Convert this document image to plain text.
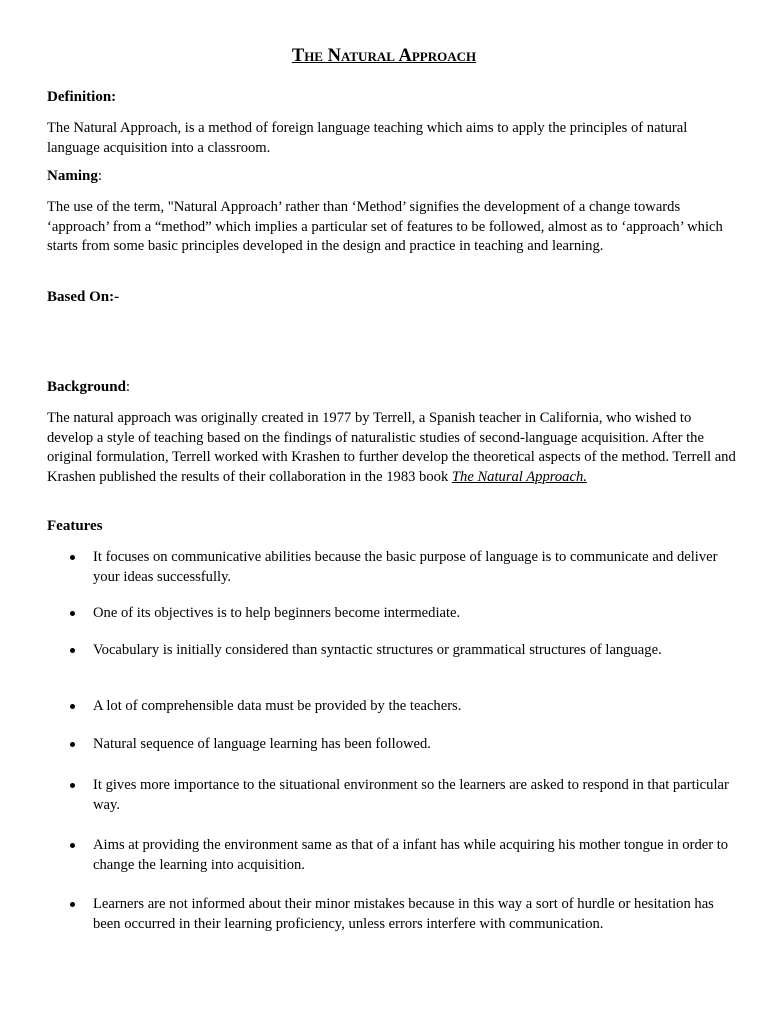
The Natural Approach
Definition:

The Natural Approach, is a method of foreign language teaching which aims to apply the principles of natural language acquisition into a classroom.

Naming:

The use of the term, "Natural Approach’ rather than ‘Method’ signifies the development of a change towards ‘approach’ from a “method” which implies a particular set of features to be followed, almost as to ‘approach’ which starts from some basic principles developed in the design and practice in teaching and learning.

Based On:-
Background:

The natural approach was originally created in 1977 by Terrell, a Spanish teacher in California, who wished to develop a style of teaching based on the findings of naturalistic studies of second-language acquisition. After the original formulation, Terrell worked with Krashen to further develop the theoretical aspects of the method. Terrell and Krashen published the results of their collaboration in the 1983 book The Natural Approach.

Features
It focuses on communicative abilities because the basic purpose of language is to communicate and deliver your ideas successfully.
One of its objectives is to help beginners become intermediate.
Vocabulary is initially considered than syntactic structures or grammatical structures of language.
A lot of comprehensible data must be provided by the teachers.
Natural sequence of language learning has been followed.
It gives more importance to the situational environment so the learners are asked to respond in that particular way.
Aims at providing the environment same as that of a infant has while acquiring his mother tongue in order to change the learning into acquisition.
Learners are not informed about their minor mistakes because in this way a sort of hurdle or hesitation has been occurred in their learning proficiency, unless errors interfere with communication.
